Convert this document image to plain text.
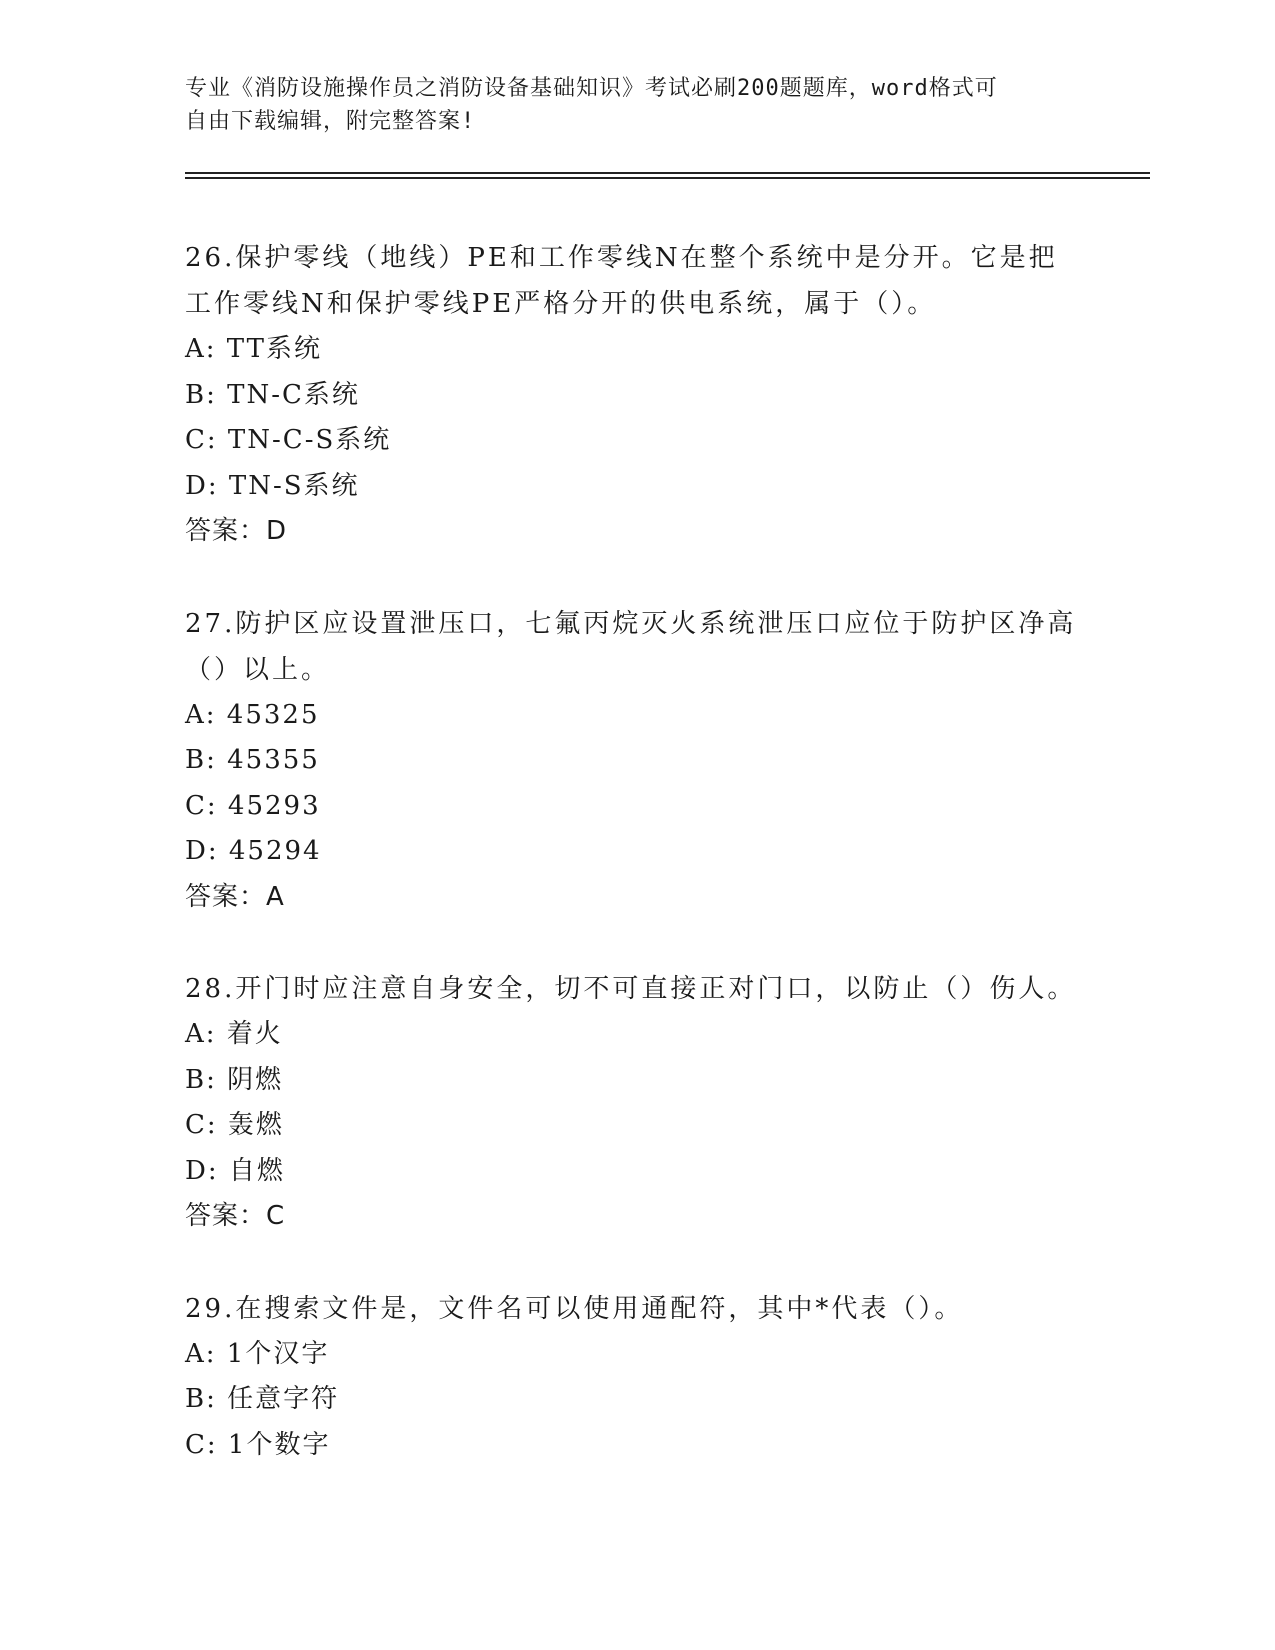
专业《消防设施操作员之消防设备基础知识》考试必刷200题题库，word格式可
自由下载编辑，附完整答案!

26.保护零线（地线）PE和工作零线N在整个系统中是分开。它是把工作零线N和保护零线PE严格分开的供电系统，属于（）。

A: TT系统

B: TN-C系统

C: TN-C-S系统

D: TN-S系统

答案：D

27.防护区应设置泄压口，七氟丙烷灭火系统泄压口应位于防护区净高（）以上。

A: 45325

B: 45355

C: 45293

D: 45294

答案：A

28.开门时应注意自身安全，切不可直接正对门口，以防止（）伤人。

A: 着火

B: 阴燃

C: 轰燃

D: 自燃

答案：C

29.在搜索文件是，文件名可以使用通配符，其中*代表（）。

A: 1个汉字

B: 任意字符

C: 1个数字
